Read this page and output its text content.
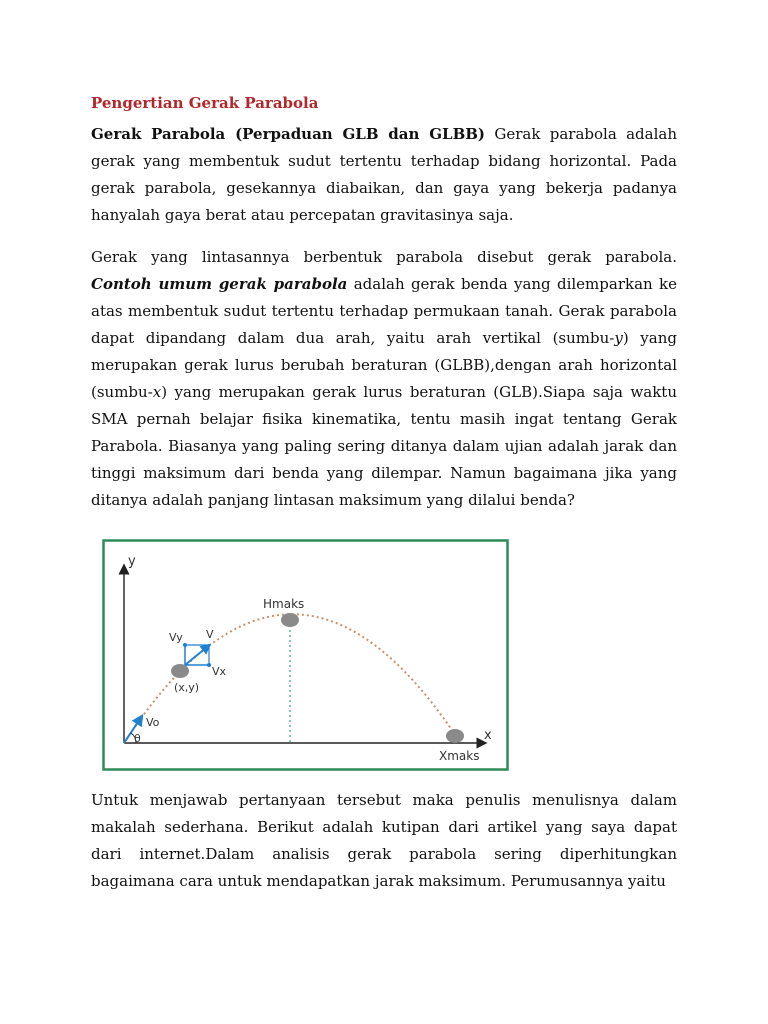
Pengertian Gerak Parabola

Gerak Parabola (Perpaduan GLB dan GLBB) Gerak parabola adalah gerak yang membentuk sudut tertentu terhadap bidang horizontal. Pada gerak parabola, gesekannya diabaikan, dan gaya yang bekerja padanya hanyalah gaya berat atau percepatan gravitasinya saja.

Gerak yang lintasannya berbentuk parabola disebut gerak parabola. Contoh umum gerak parabola adalah gerak benda yang dilemparkan ke atas membentuk sudut tertentu terhadap permukaan tanah. Gerak parabola dapat dipandang dalam dua arah, yaitu arah vertikal (sumbu-y) yang merupakan gerak lurus berubah beraturan (GLBB),dengan arah horizontal (sumbu-x) yang merupakan gerak lurus beraturan (GLB).Siapa saja waktu SMA pernah belajar fisika kinematika, tentu masih ingat tentang Gerak Parabola. Biasanya yang paling sering ditanya dalam ujian adalah jarak dan tinggi maksimum dari benda yang dilempar. Namun bagaimana jika yang ditanya adalah panjang lintasan maksimum yang dilalui benda?

y
x
Hmaks
Xmaks
Vy V
Vx
(x,y)
Vo
θ

Untuk menjawab pertanyaan tersebut maka penulis menulisnya dalam makalah sederhana. Berikut adalah kutipan dari artikel yang saya dapat dari internet.Dalam analisis gerak parabola sering diperhitungkan bagaimana cara untuk mendapatkan jarak maksimum. Perumusannya yaitu
